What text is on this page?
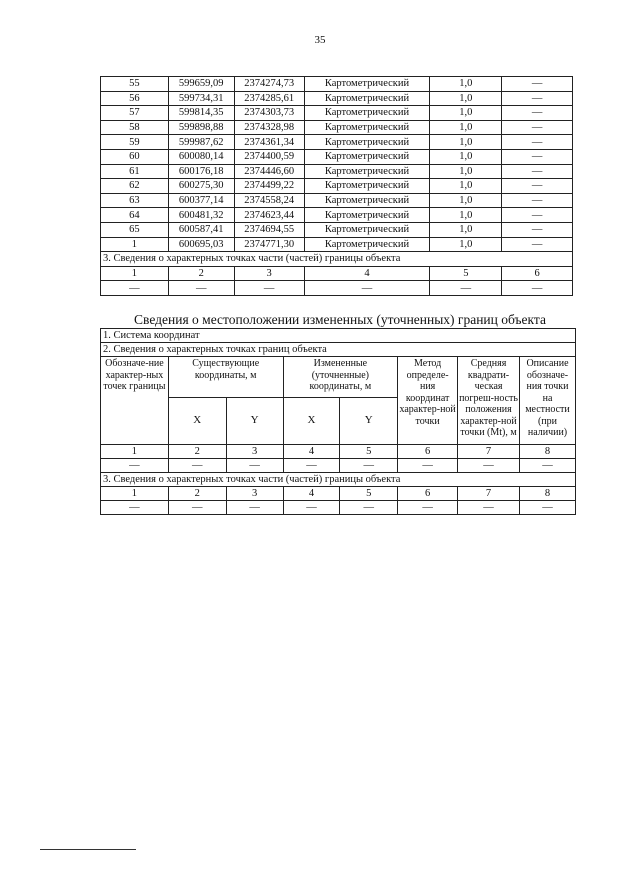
35
55	599659,09	2374274,73	Картометрический	1,0	—
56	599734,31	2374285,61	Картометрический	1,0	—
57	599814,35	2374303,73	Картометрический	1,0	—
58	599898,88	2374328,98	Картометрический	1,0	—
59	599987,62	2374361,34	Картометрический	1,0	—
60	600080,14	2374400,59	Картометрический	1,0	—
61	600176,18	2374446,60	Картометрический	1,0	—
62	600275,30	2374499,22	Картометрический	1,0	—
63	600377,14	2374558,24	Картометрический	1,0	—
64	600481,32	2374623,44	Картометрический	1,0	—
65	600587,41	2374694,55	Картометрический	1,0	—
1	600695,03	2374771,30	Картометрический	1,0	—
3. Сведения о характерных точках части (частей) границы объекта					
1	2	3	4	5	6
—	—	—	—	—	—
Сведения о местоположении измененных (уточненных) границ объекта
1. Система координат							
2. Сведения о характерных точках границ объекта							
Обозначе-ние характер-ных точек границы	Существующие координаты, м		Измененные (уточненные) координаты, м		Метод определе-ния координат характер-ной точки	Средняя квадрати-ческая погреш-ность положения характер-ной точки (Mt), м	Описание обозначе-ния точки на местности (при наличии)
	X	Y	X	Y			
1	2	3	4	5	6	7	8
—	—	—	—	—	—	—	—
3. Сведения о характерных точках части (частей) границы объекта							
1	2	3	4	5	6	7	8
—	—	—	—	—	—	—	—
